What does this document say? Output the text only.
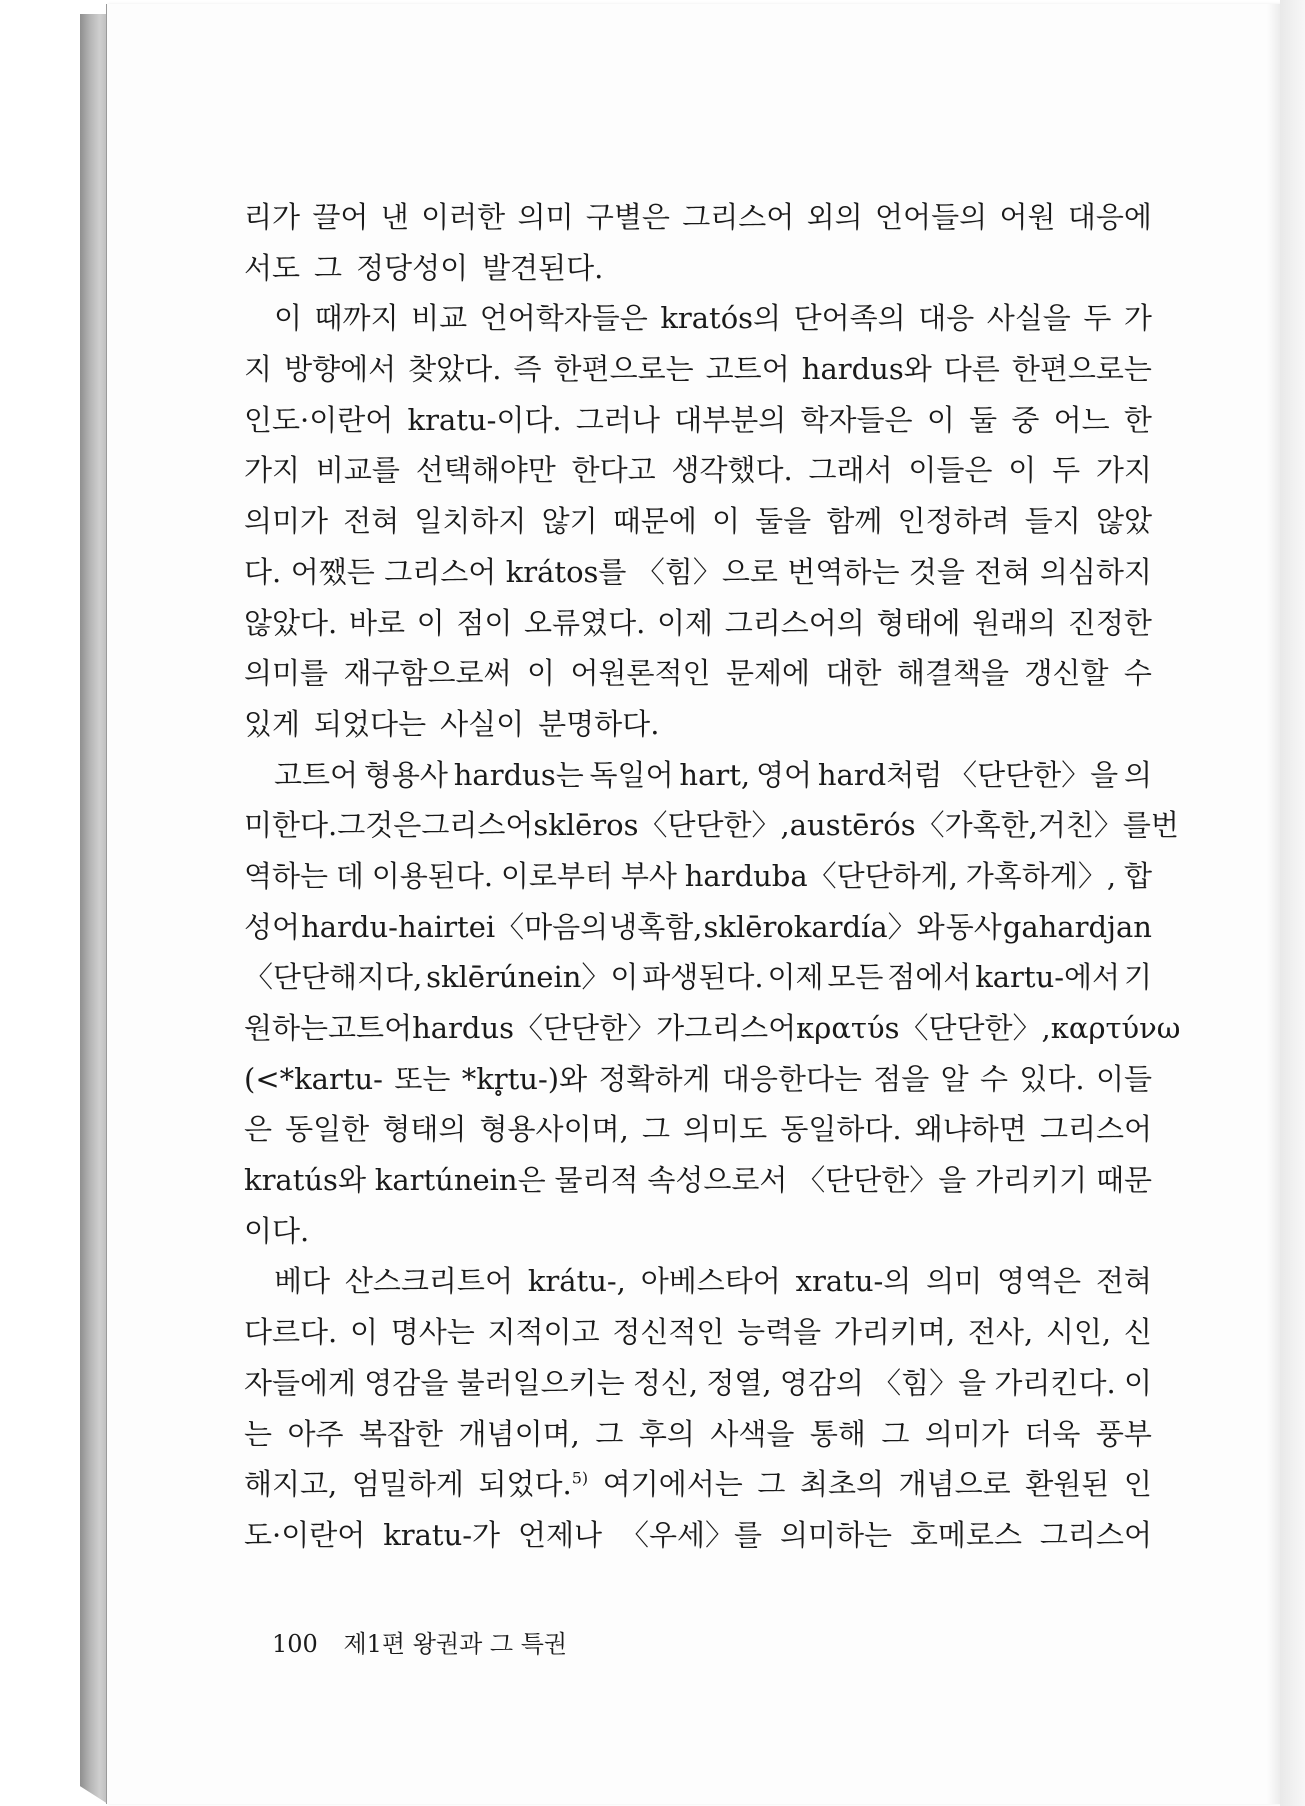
리가 끌어 낸 이러한 의미 구별은 그리스어 외의 언어들의 어원 대응에
서도 그 정당성이 발견된다.
이 때까지 비교 언어학자들은 kratós의 단어족의 대응 사실을 두 가
지 방향에서 찾았다. 즉 한편으로는 고트어 hardus와 다른 한편으로는
인도·이란어 kratu-이다. 그러나 대부분의 학자들은 이 둘 중 어느 한
가지 비교를 선택해야만 한다고 생각했다. 그래서 이들은 이 두 가지
의미가 전혀 일치하지 않기 때문에 이 둘을 함께 인정하려 들지 않았
다. 어쨌든 그리스어 krátos를 〈힘〉으로 번역하는 것을 전혀 의심하지
않았다. 바로 이 점이 오류였다. 이제 그리스어의 형태에 원래의 진정한
의미를 재구함으로써 이 어원론적인 문제에 대한 해결책을 갱신할 수
있게 되었다는 사실이 분명하다.
고트어 형용사 hardus는 독일어 hart, 영어 hard처럼 〈단단한〉을 의
미한다. 그것은 그리스어 sklēros〈단단한〉, austērós〈가혹한, 거친〉를 번
역하는 데 이용된다. 이로부터 부사 harduba〈단단하게, 가혹하게〉, 합
성어 hardu-hairtei〈마음의 냉혹함, sklērokardía〉와 동사 gahardjan
〈단단해지다, sklērúnein〉이 파생된다. 이제 모든 점에서 kartu-에서 기
원하는 고트어 hardus〈단단한〉가 그리스어 κρατύs〈단단한〉, καρτύνω
(<*kartu- 또는 *kr̥tu-)와 정확하게 대응한다는 점을 알 수 있다. 이들
은 동일한 형태의 형용사이며, 그 의미도 동일하다. 왜냐하면 그리스어
kratús와 kartúnein은 물리적 속성으로서 〈단단한〉을 가리키기 때문
이다.
베다 산스크리트어 krátu-, 아베스타어 xratu-의 의미 영역은 전혀
다르다. 이 명사는 지적이고 정신적인 능력을 가리키며, 전사, 시인, 신
자들에게 영감을 불러일으키는 정신, 정열, 영감의 〈힘〉을 가리킨다. 이
는 아주 복잡한 개념이며, 그 후의 사색을 통해 그 의미가 더욱 풍부
해지고, 엄밀하게 되었다.$^{5)}$ 여기에서는 그 최초의 개념으로 환원된 인
도·이란어 kratu-가 언제나 〈우세〉를 의미하는 호메로스 그리스어
100 제1편 왕권과 그 특권
